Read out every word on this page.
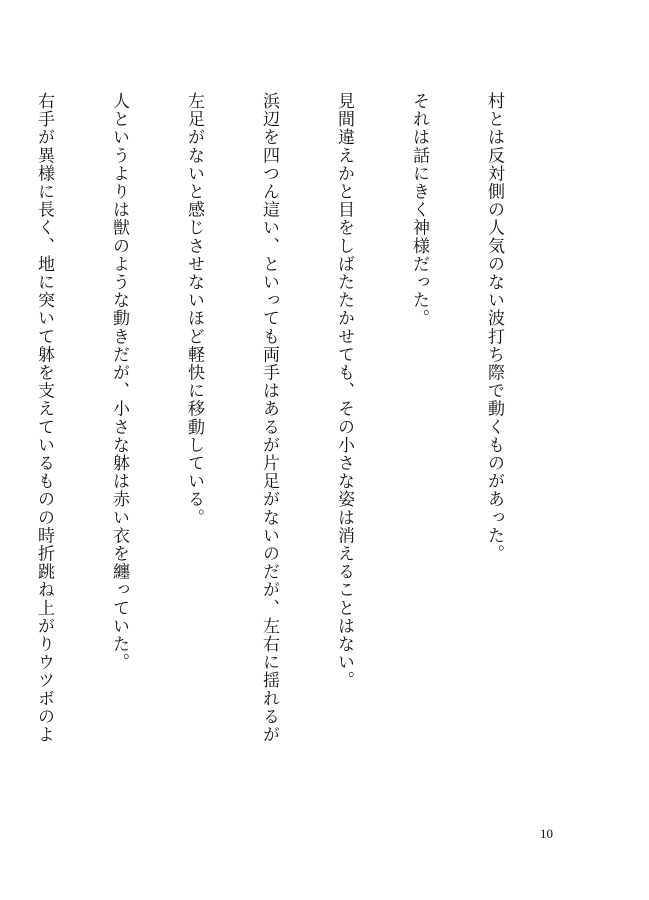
村とは反対側の人気のない波打ち際で動くものがあった。

それは話にきく神様だった。

見間違えかと目をしばたたかせても、その小さな姿は消えることはない。

浜辺を四つん這い、といっても両手はあるが片足がないのだが、左右に揺れるが

左足がないと感じさせないほど軽快に移動している。

人というよりは獣のような動きだが、小さな躰は赤い衣を纏っていた。

右手が異様に長く、地に突いて躰を支えているものの時折跳ね上がりウツボのよ

10
